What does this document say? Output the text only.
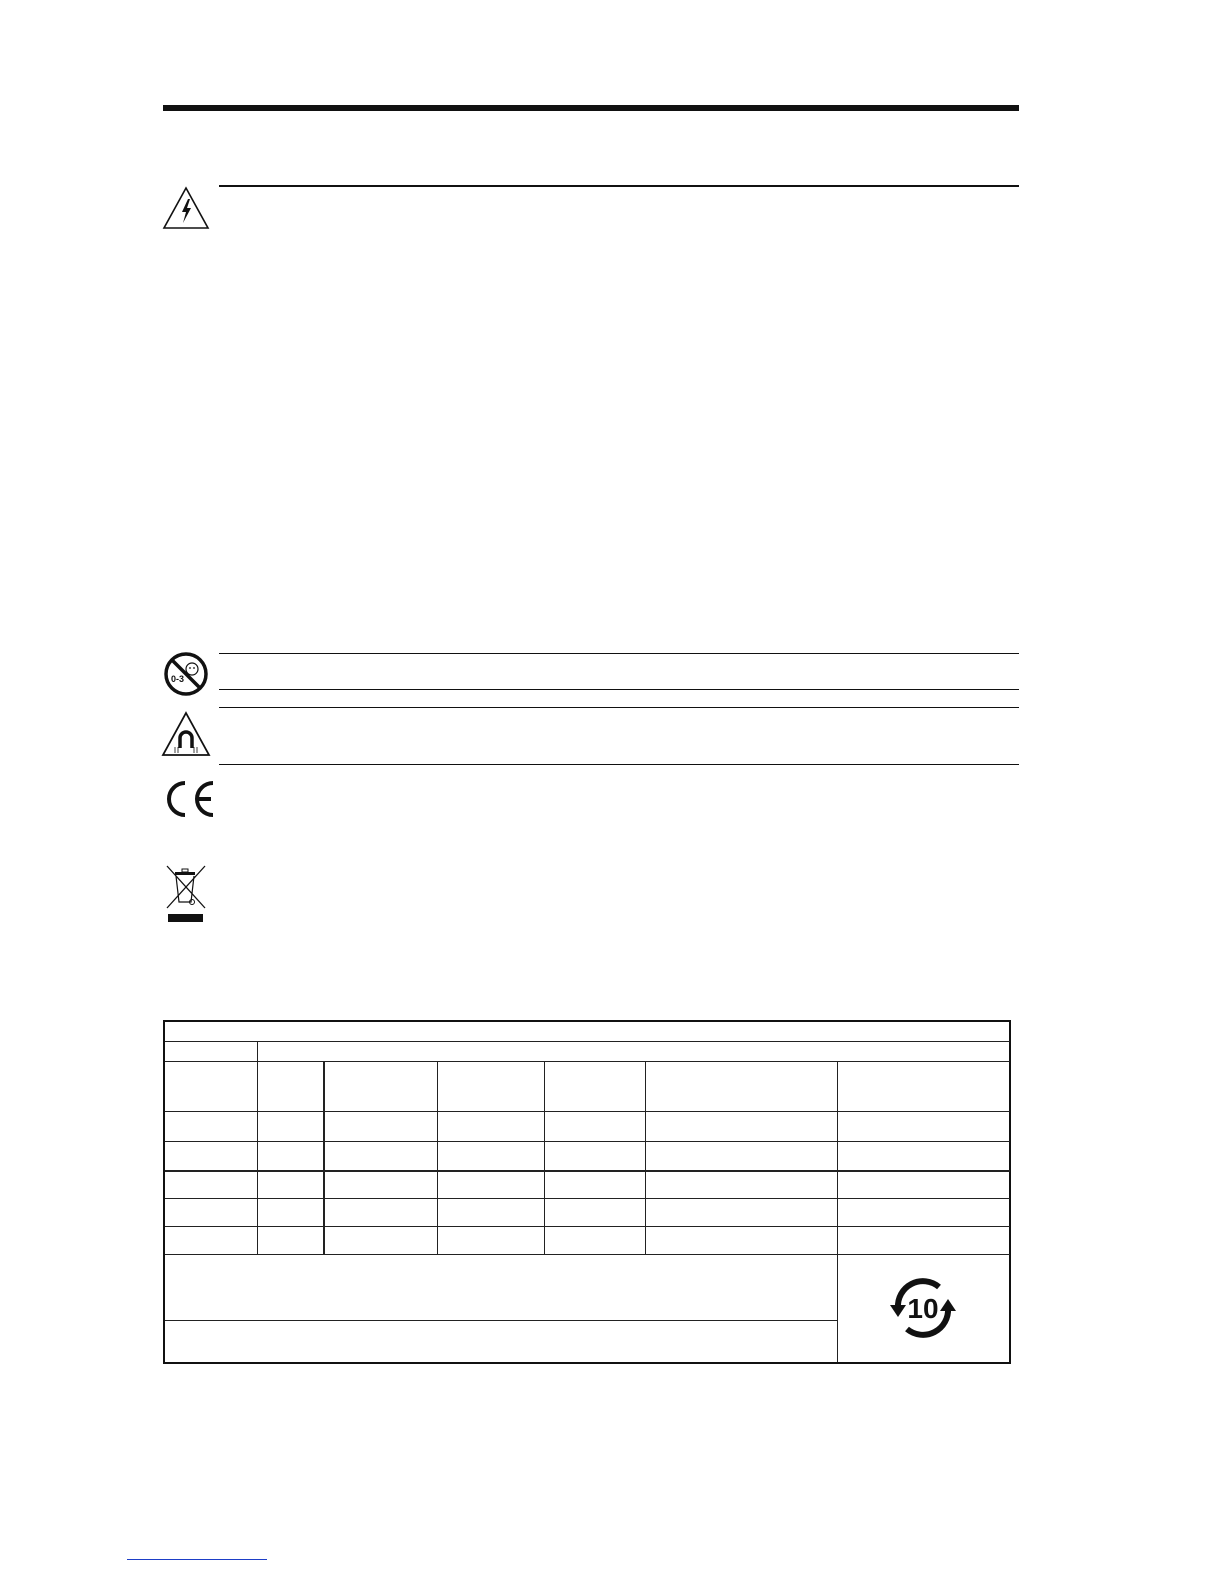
0-3
10
